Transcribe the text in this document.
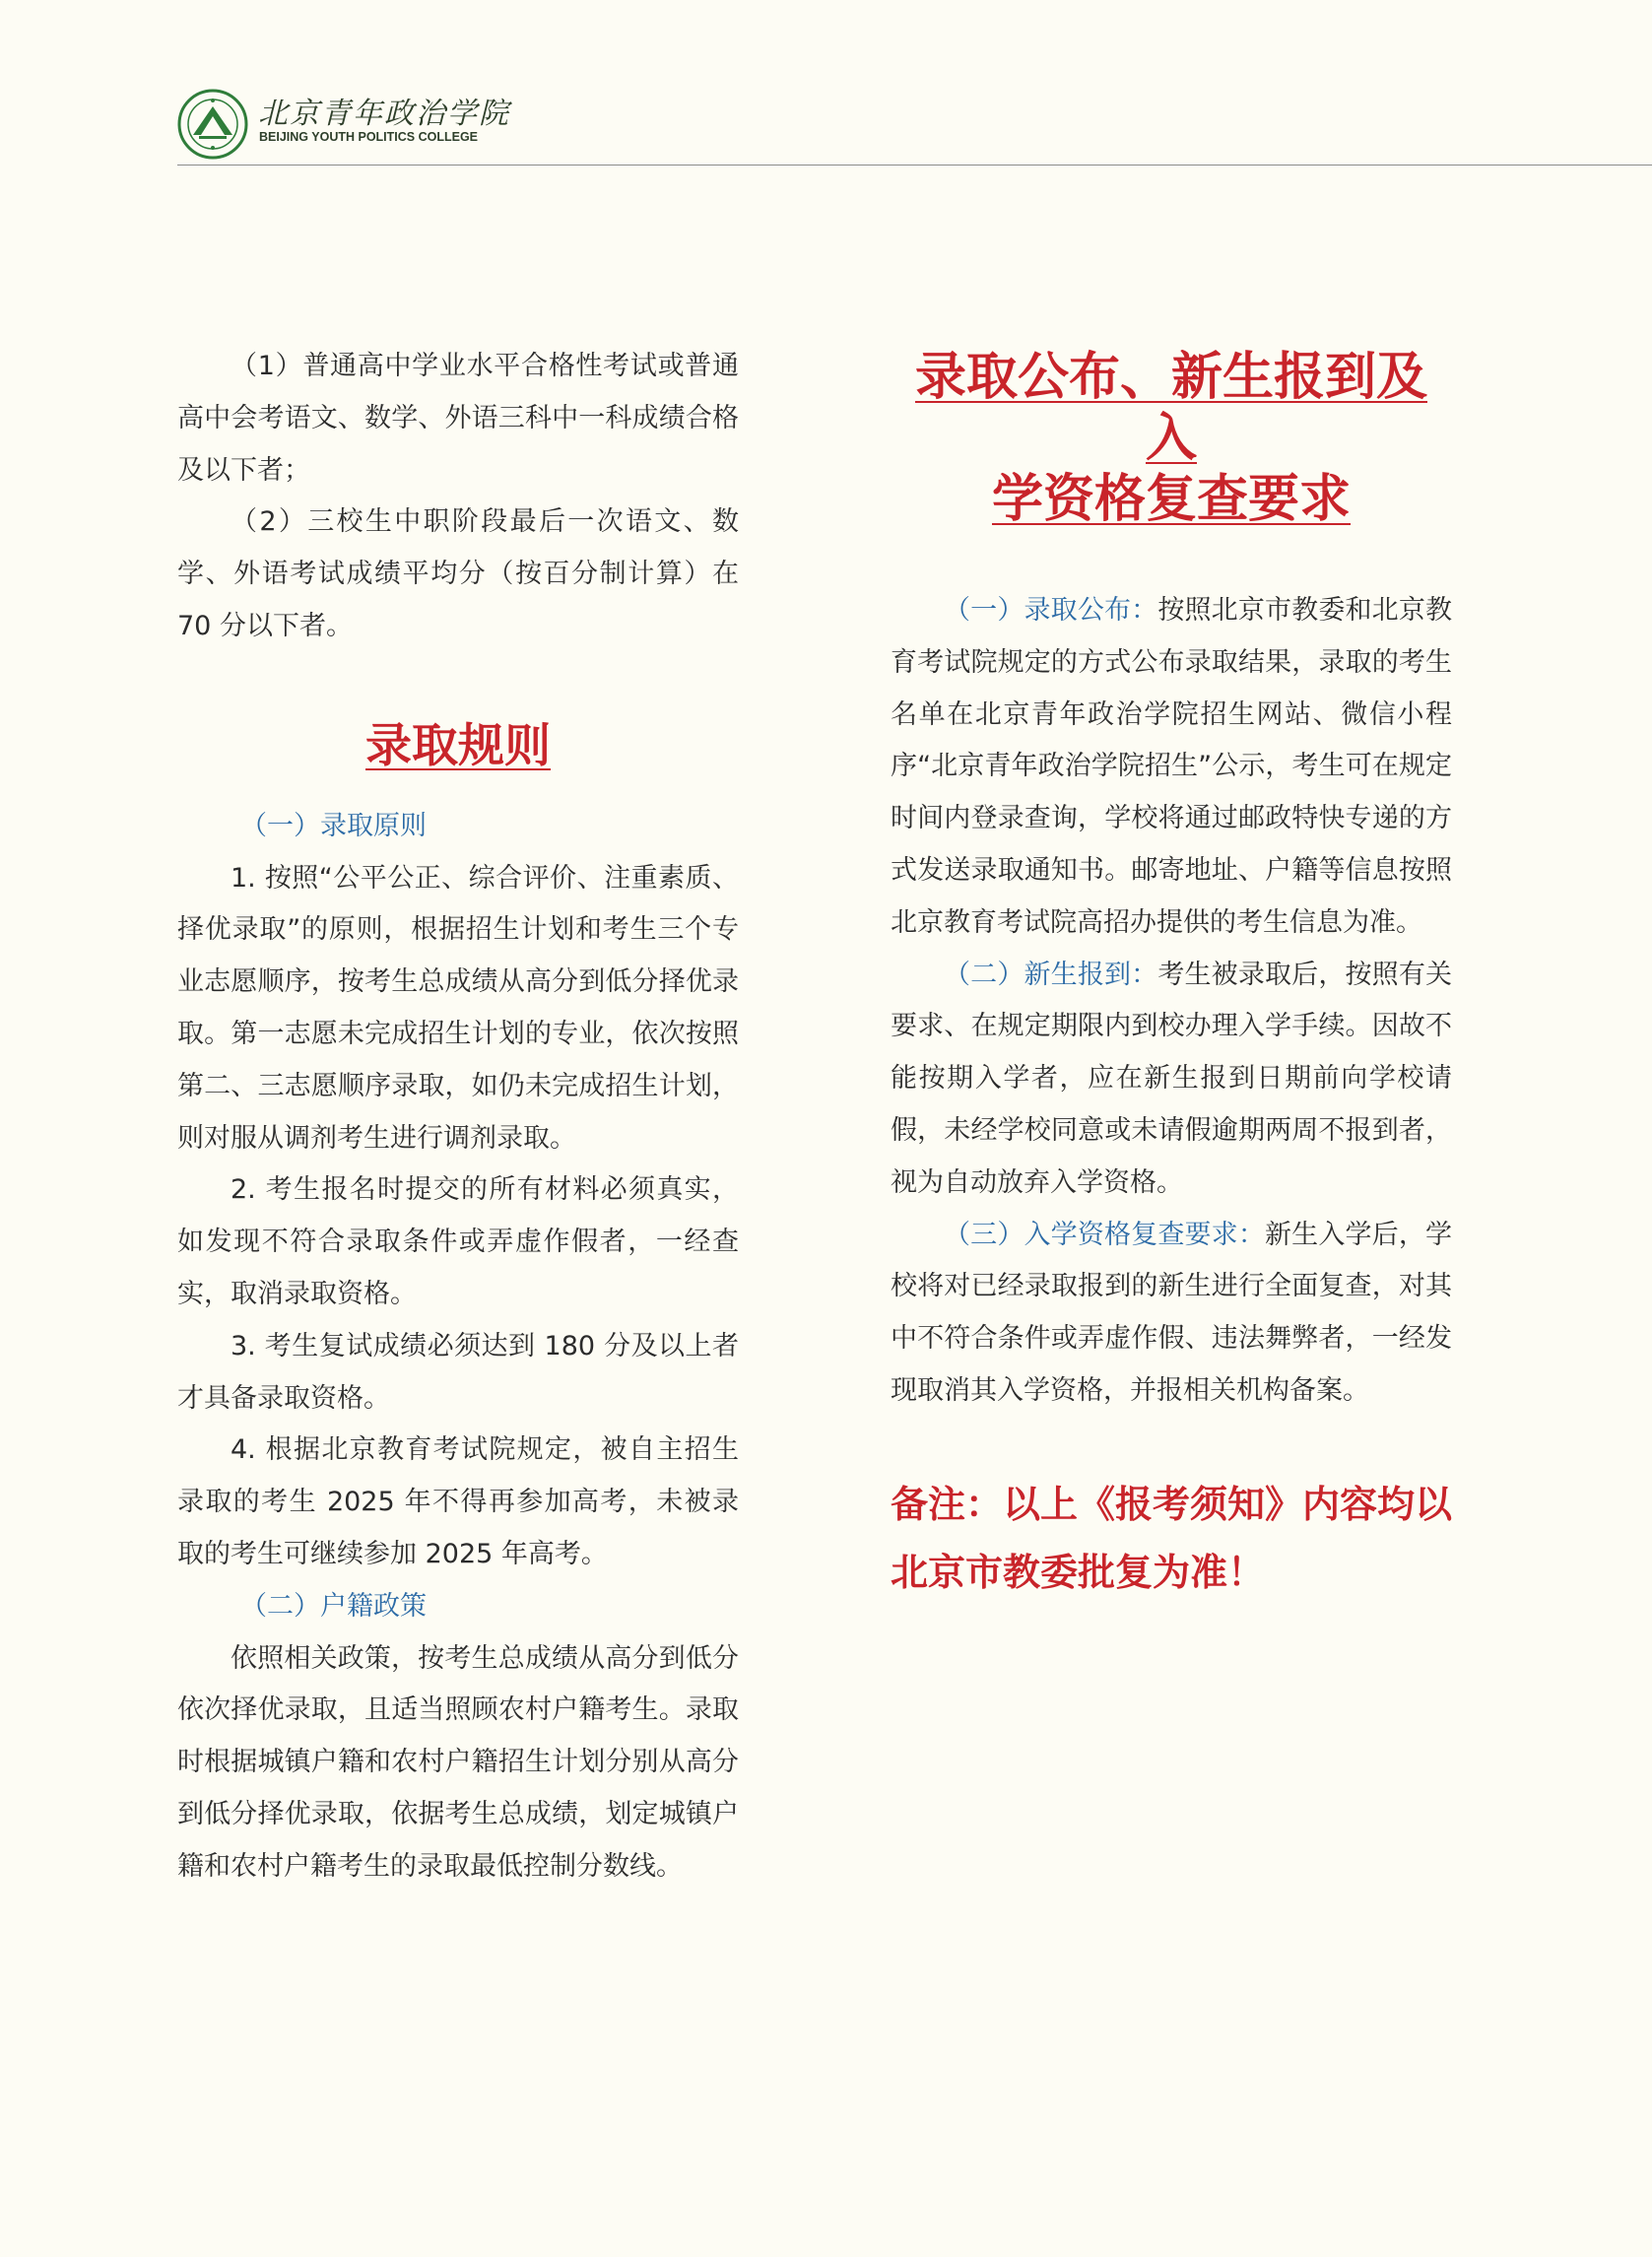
北京青年政治学院
BEIJING YOUTH POLITICS COLLEGE

（1）普通高中学业水平合格性考试或普通高中会考语文、数学、外语三科中一科成绩合格及以下者；

（2）三校生中职阶段最后一次语文、数学、外语考试成绩平均分（按百分制计算）在 70 分以下者。

录取规则
（一）录取原则

1. 按照“公平公正、综合评价、注重素质、择优录取”的原则，根据招生计划和考生三个专业志愿顺序，按考生总成绩从高分到低分择优录取。第一志愿未完成招生计划的专业，依次按照第二、三志愿顺序录取，如仍未完成招生计划，则对服从调剂考生进行调剂录取。

2. 考生报名时提交的所有材料必须真实，如发现不符合录取条件或弄虚作假者，一经查实，取消录取资格。

3. 考生复试成绩必须达到 180 分及以上者才具备录取资格。

4. 根据北京教育考试院规定，被自主招生录取的考生 2025 年不得再参加高考，未被录取的考生可继续参加 2025 年高考。

（二）户籍政策

依照相关政策，按考生总成绩从高分到低分依次择优录取，且适当照顾农村户籍考生。录取时根据城镇户籍和农村户籍招生计划分别从高分到低分择优录取，依据考生总成绩，划定城镇户籍和农村户籍考生的录取最低控制分数线。

录取公布、新生报到及入
学资格复查要求

（一）录取公布：按照北京市教委和北京教育考试院规定的方式公布录取结果，录取的考生名单在北京青年政治学院招生网站、微信小程序“北京青年政治学院招生”公示，考生可在规定时间内登录查询，学校将通过邮政特快专递的方式发送录取通知书。邮寄地址、户籍等信息按照北京教育考试院高招办提供的考生信息为准。

（二）新生报到：考生被录取后，按照有关要求、在规定期限内到校办理入学手续。因故不能按期入学者，应在新生报到日期前向学校请假，未经学校同意或未请假逾期两周不报到者，视为自动放弃入学资格。

（三）入学资格复查要求：新生入学后，学校将对已经录取报到的新生进行全面复查，对其中不符合条件或弄虚作假、违法舞弊者，一经发现取消其入学资格，并报相关机构备案。

备注：以上《报考须知》内容均以北京市教委批复为准！
